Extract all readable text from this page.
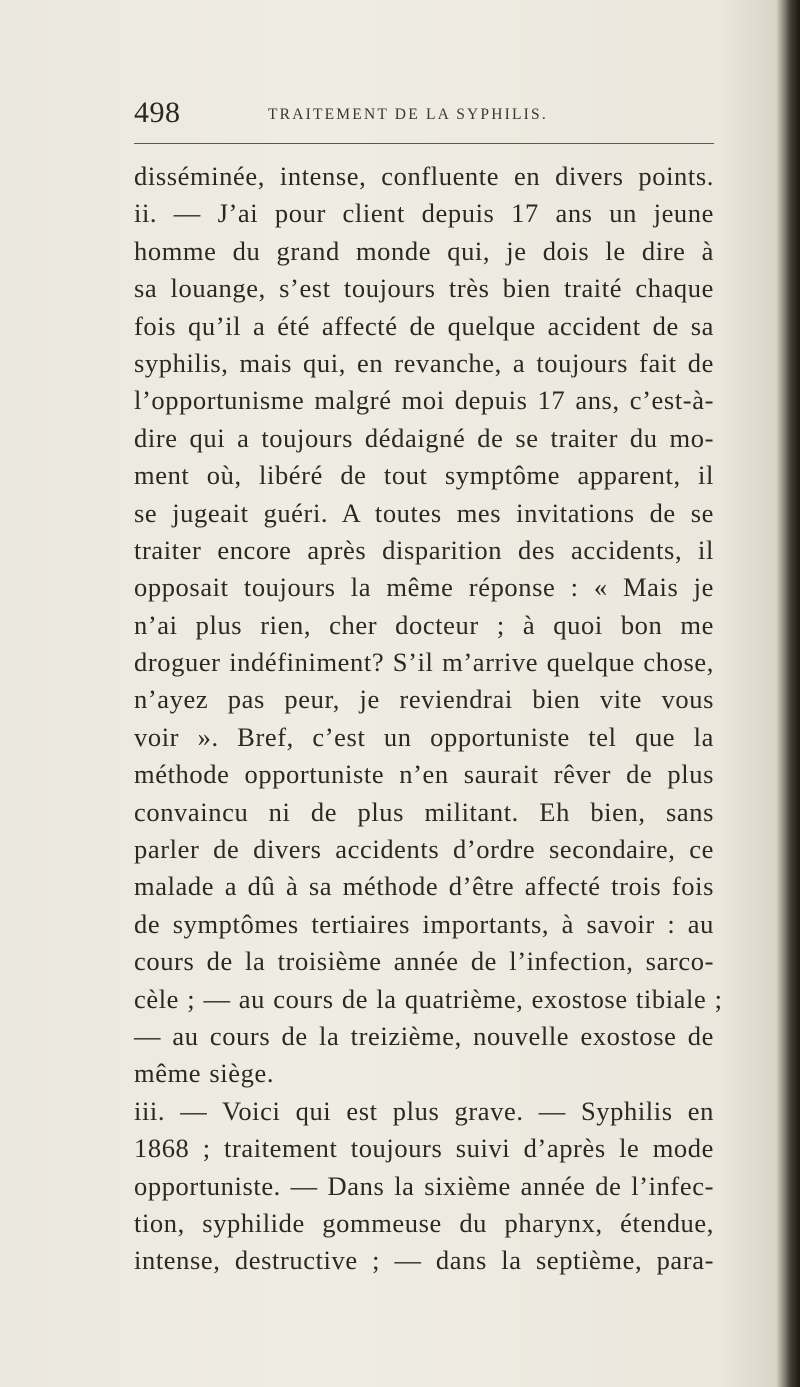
498	TRAITEMENT DE LA SYPHILIS.
disséminée, intense, confluente en divers points.
ii. — J’ai pour client depuis 17 ans un jeune
homme du grand monde qui, je dois le dire à
sa louange, s’est toujours très bien traité chaque
fois qu’il a été affecté de quelque accident de sa
syphilis, mais qui, en revanche, a toujours fait de
l’opportunisme malgré moi depuis 17 ans, c’est-à-
dire qui a toujours dédaigné de se traiter du mo-
ment où, libéré de tout symptôme apparent, il
se jugeait guéri. A toutes mes invitations de se
traiter encore après disparition des accidents, il
opposait toujours la même réponse : « Mais je
n’ai plus rien, cher docteur ; à quoi bon me
droguer indéfiniment? S’il m’arrive quelque chose,
n’ayez pas peur, je reviendrai bien vite vous
voir ». Bref, c’est un opportuniste tel que la
méthode opportuniste n’en saurait rêver de plus
convaincu ni de plus militant. Eh bien, sans
parler de divers accidents d’ordre secondaire, ce
malade a dû à sa méthode d’être affecté trois fois
de symptômes tertiaires importants, à savoir : au
cours de la troisième année de l’infection, sarco-
cèle ; — au cours de la quatrième, exostose tibiale ;
— au cours de la treizième, nouvelle exostose de
même siège.
iii. — Voici qui est plus grave. — Syphilis en
1868 ; traitement toujours suivi d’après le mode
opportuniste. — Dans la sixième année de l’infec-
tion, syphilide gommeuse du pharynx, étendue,
intense, destructive ; — dans la septième, para-
